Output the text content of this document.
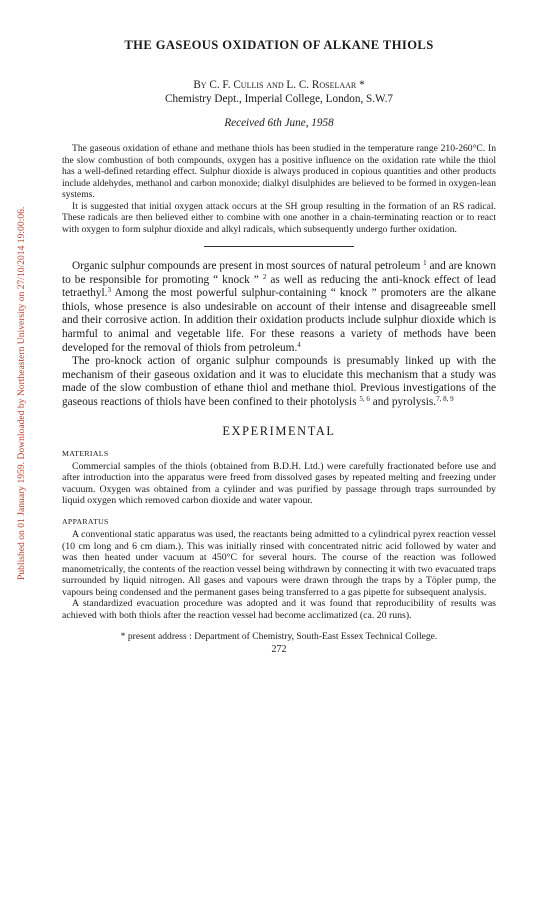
Published on 01 January 1959. Downloaded by Northeastern University on 27/10/2014 19:00:06.
THE GASEOUS OXIDATION OF ALKANE THIOLS
By C. F. Cullis and L. C. Roselaar *
Chemistry Dept., Imperial College, London, S.W.7
Received 6th June, 1958

The gaseous oxidation of ethane and methane thiols has been studied in the temperature range 210-260°C. In the slow combustion of both compounds, oxygen has a positive influence on the oxidation rate while the thiol has a well-defined retarding effect. Sulphur dioxide is always produced in copious quantities and other products include aldehydes, methanol and carbon monoxide; dialkyl disulphides are believed to be formed in oxygen-lean systems.

It is suggested that initial oxygen attack occurs at the SH group resulting in the formation of an RS radical. These radicals are then believed either to combine with one another in a chain-terminating reaction or to react with oxygen to form sulphur dioxide and alkyl radicals, which subsequently undergo further oxidation.

Organic sulphur compounds are present in most sources of natural petroleum $^1$ and are known to be responsible for promoting “ knock ” $^2$ as well as reducing the anti-knock effect of lead tetraethyl.$^3$ Among the most powerful sulphur-containing “ knock ” promoters are the alkane thiols, whose presence is also undesirable on account of their intense and disagreeable smell and their corrosive action. In addition their oxidation products include sulphur dioxide which is harmful to animal and vegetable life. For these reasons a variety of methods have been developed for the removal of thiols from petroleum.$^4$

The pro-knock action of organic sulphur compounds is presumably linked up with the mechanism of their gaseous oxidation and it was to elucidate this mechanism that a study was made of the slow combustion of ethane thiol and methane thiol. Previous investigations of the gaseous reactions of thiols have been confined to their photolysis $^{5, 6}$ and pyrolysis.$^{7, 8, 9}$

EXPERIMENTAL
MATERIALS

Commercial samples of the thiols (obtained from B.D.H. Ltd.) were carefully fractionated before use and after introduction into the apparatus were freed from dissolved gases by repeated melting and freezing under vacuum. Oxygen was obtained from a cylinder and was purified by passage through traps surrounded by liquid oxygen which removed carbon dioxide and water vapour.

APPARATUS

A conventional static apparatus was used, the reactants being admitted to a cylindrical pyrex reaction vessel (10 cm long and 6 cm diam.). This was initially rinsed with concentrated nitric acid followed by water and was then heated under vacuum at 450°C for several hours. The course of the reaction was followed manometrically, the contents of the reaction vessel being withdrawn by connecting it with two evacuated traps surrounded by liquid nitrogen. All gases and vapours were drawn through the traps by a Töpler pump, the vapours being condensed and the permanent gases being transferred to a gas pipette for subsequent analysis.

A standardized evacuation procedure was adopted and it was found that reproducibility of results was achieved with both thiols after the reaction vessel had become acclimatized (ca. 20 runs).

* present address : Department of Chemistry, South-East Essex Technical College.
272
